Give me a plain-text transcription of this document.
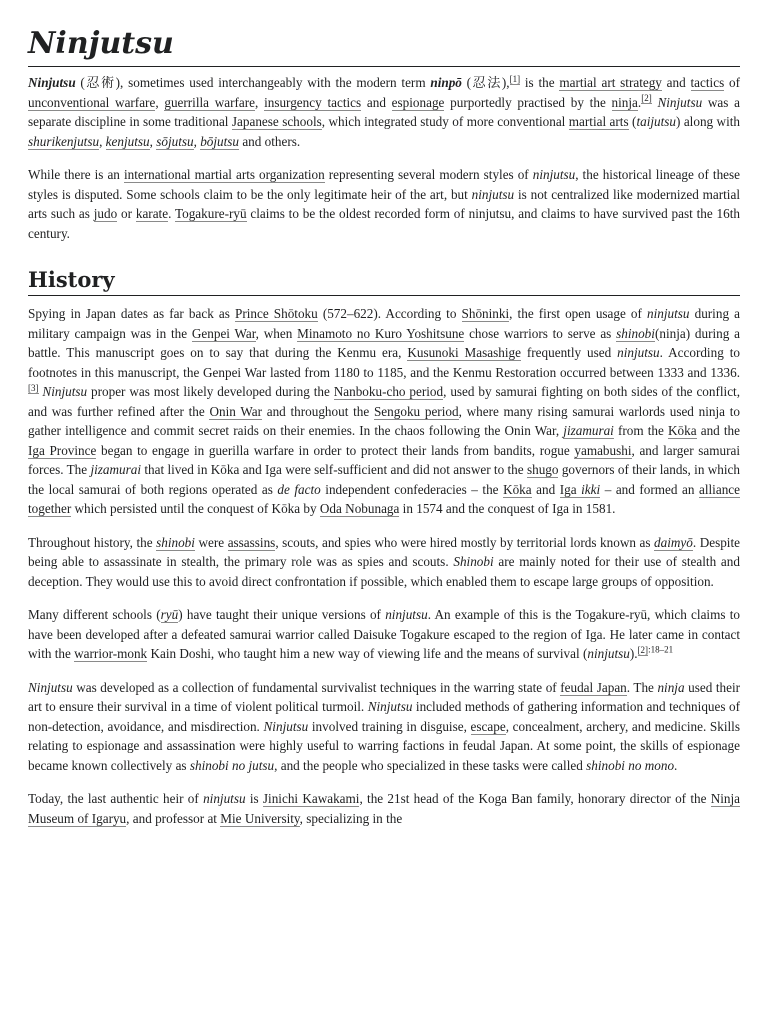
Ninjutsu

Ninjutsu (忍術), sometimes used interchangeably with the modern term ninpō (忍法),[1] is the martial art strategy and tactics of unconventional warfare, guerrilla warfare, insurgency tactics and espionage purportedly practised by the ninja.[2] Ninjutsu was a separate discipline in some traditional Japanese schools, which integrated study of more conventional martial arts (taijutsu) along with shurikenjutsu, kenjutsu, sōjutsu, bōjutsu and others.

While there is an international martial arts organization representing several modern styles of ninjutsu, the historical lineage of these styles is disputed. Some schools claim to be the only legitimate heir of the art, but ninjutsu is not centralized like modernized martial arts such as judo or karate. Togakure-ryū claims to be the oldest recorded form of ninjutsu, and claims to have survived past the 16th century.

History

Spying in Japan dates as far back as Prince Shōtoku (572–622). According to Shōninki, the first open usage of ninjutsu during a military campaign was in the Genpei War, when Minamoto no Kuro Yoshitsune chose warriors to serve as shinobi(ninja) during a battle. This manuscript goes on to say that during the Kenmu era, Kusunoki Masashige frequently used ninjutsu. According to footnotes in this manuscript, the Genpei War lasted from 1180 to 1185, and the Kenmu Restoration occurred between 1333 and 1336.[3] Ninjutsu proper was most likely developed during the Nanboku-cho period, used by samurai fighting on both sides of the conflict, and was further refined after the Onin War and throughout the Sengoku period, where many rising samurai warlords used ninja to gather intelligence and commit secret raids on their enemies. In the chaos following the Onin War, jizamurai from the Kōka and the Iga Province began to engage in guerilla warfare in order to protect their lands from bandits, rogue yamabushi, and larger samurai forces. The jizamurai that lived in Kōka and Iga were self-sufficient and did not answer to the shugo governors of their lands, in which the local samurai of both regions operated as de facto independent confederacies – the Kōka and Iga ikki – and formed an alliance together which persisted until the conquest of Kōka by Oda Nobunaga in 1574 and the conquest of Iga in 1581.

Throughout history, the shinobi were assassins, scouts, and spies who were hired mostly by territorial lords known as daimyō. Despite being able to assassinate in stealth, the primary role was as spies and scouts. Shinobi are mainly noted for their use of stealth and deception. They would use this to avoid direct confrontation if possible, which enabled them to escape large groups of opposition.

Many different schools (ryū) have taught their unique versions of ninjutsu. An example of this is the Togakure-ryū, which claims to have been developed after a defeated samurai warrior called Daisuke Togakure escaped to the region of Iga. He later came in contact with the warrior-monk Kain Doshi, who taught him a new way of viewing life and the means of survival (ninjutsu).$^{[2]:18-21}$

Ninjutsu was developed as a collection of fundamental survivalist techniques in the warring state of feudal Japan. The ninja used their art to ensure their survival in a time of violent political turmoil. Ninjutsu included methods of gathering information and techniques of non-detection, avoidance, and misdirection. Ninjutsu involved training in disguise, escape, concealment, archery, and medicine. Skills relating to espionage and assassination were highly useful to warring factions in feudal Japan. At some point, the skills of espionage became known collectively as shinobi no jutsu, and the people who specialized in these tasks were called shinobi no mono.

Today, the last authentic heir of ninjutsu is Jinichi Kawakami, the 21st head of the Koga Ban family, honorary director of the Ninja Museum of Igaryu, and professor at Mie University, specializing in the
